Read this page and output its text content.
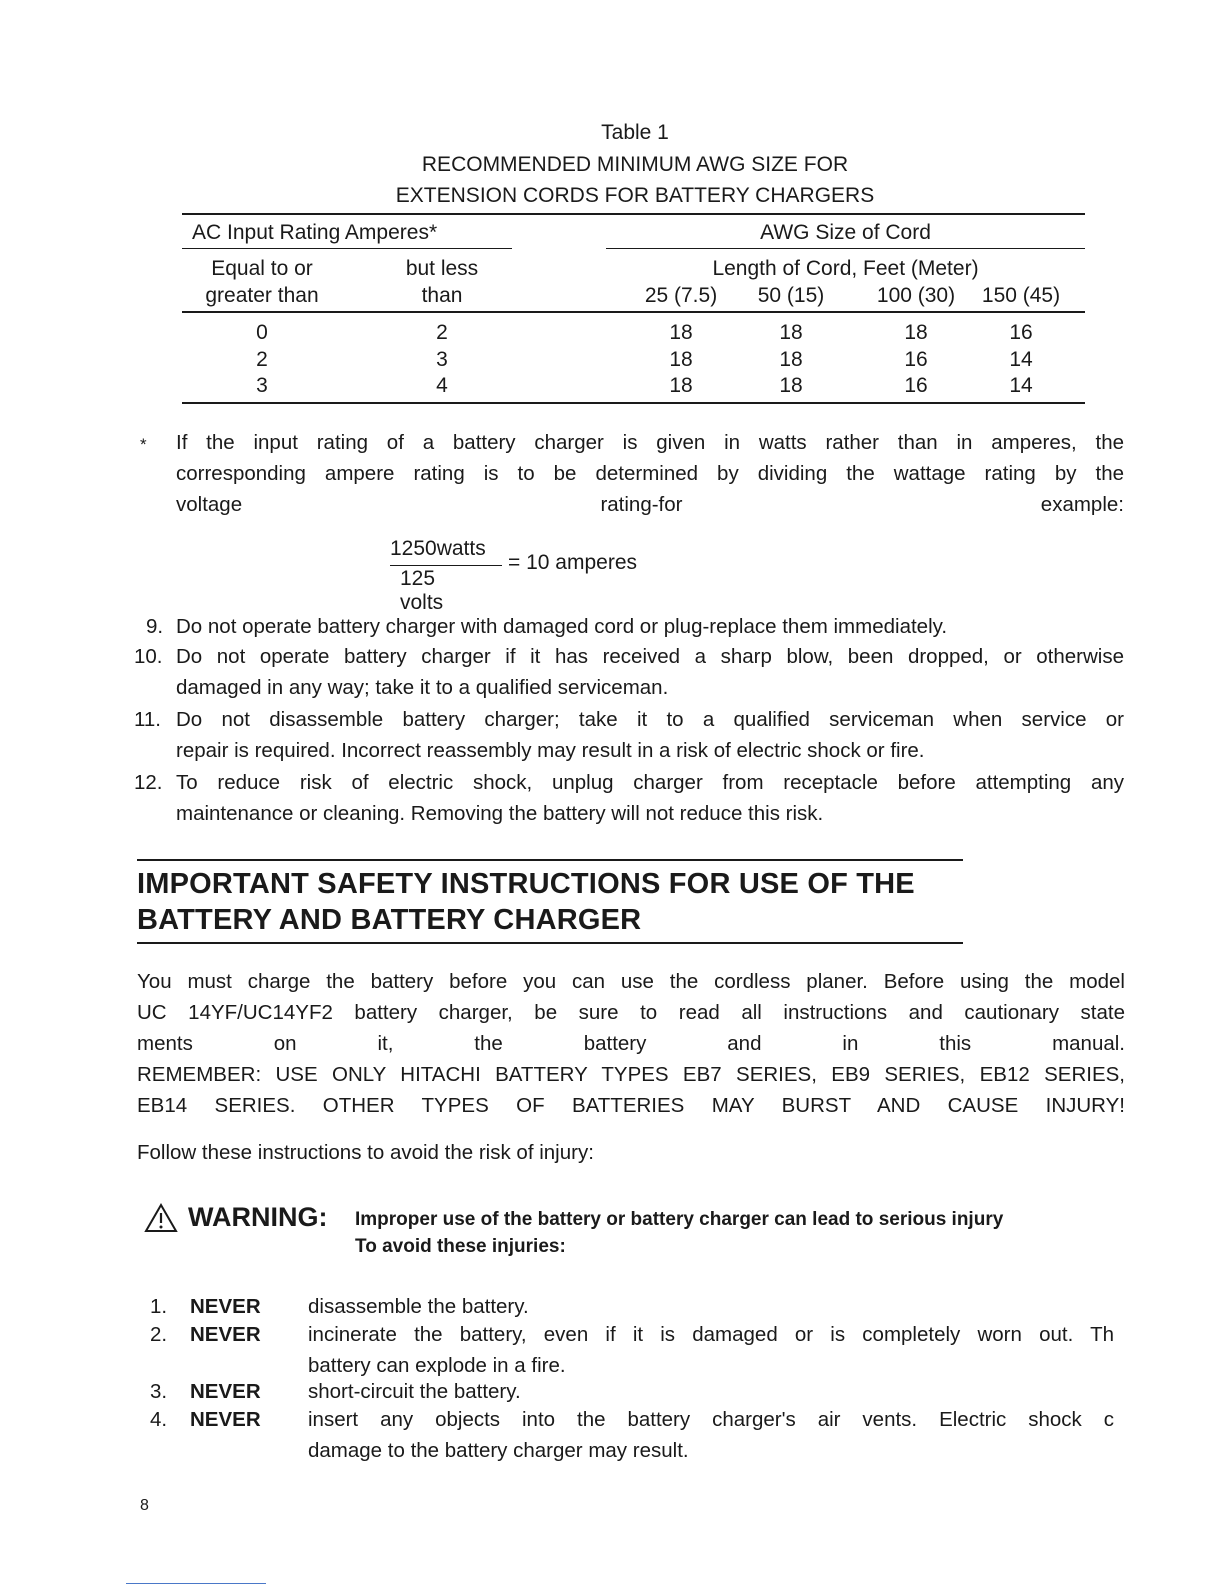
Table 1
RECOMMENDED MINIMUM AWG SIZE FOR
EXTENSION CORDS FOR BATTERY CHARGERS
AC Input Rating Amperes*	AWG Size of Cord
Equal to or
greater than
but less
than
Length of Cord, Feet (Meter)
25 (7.5)	50 (15)	100 (30)	150 (45)
0	2	18	18	18	16
2	3	18	18	16	14
3	4	18	18	16	14
* If the input rating of a battery charger is given in watts rather than in amperes, the
corresponding ampere rating is to be determined by dividing the wattage rating by the
voltage rating-for example:
1250watts
125 volts
= 10 amperes
9. Do not operate battery charger with damaged cord or plug-replace them immediately.
10. Do not operate battery charger if it has received a sharp blow, been dropped, or otherwise
damaged in any way; take it to a qualified serviceman.
11. Do not disassemble battery charger; take it to a qualified serviceman when service or
repair is required. Incorrect reassembly may result in a risk of electric shock or fire.
12. To reduce risk of electric shock, unplug charger from receptacle before attempting any
maintenance or cleaning. Removing the battery will not reduce this risk.
IMPORTANT SAFETY INSTRUCTIONS FOR USE OF THE
BATTERY AND BATTERY CHARGER
You must charge the battery before you can use the cordless planer. Before using the model
UC 14YF/UC14YF2 battery charger, be sure to read all instructions and cautionary state
ments on it, the battery and in this manual.
REMEMBER: USE ONLY HITACHI BATTERY TYPES EB7 SERIES, EB9 SERIES, EB12 SERIES,
EB14 SERIES. OTHER TYPES OF BATTERIES MAY BURST AND CAUSE INJURY!
Follow these instructions to avoid the risk of injury:
WARNING: Improper use of the battery or battery charger can lead to serious injury
To avoid these injuries:
1. NEVER disassemble the battery.
2. NEVER incinerate the battery, even if it is damaged or is completely worn out. Th
battery can explode in a fire.
3. NEVER short-circuit the battery.
4. NEVER insert any objects into the battery charger's air vents. Electric shock c
damage to the battery charger may result.
8
